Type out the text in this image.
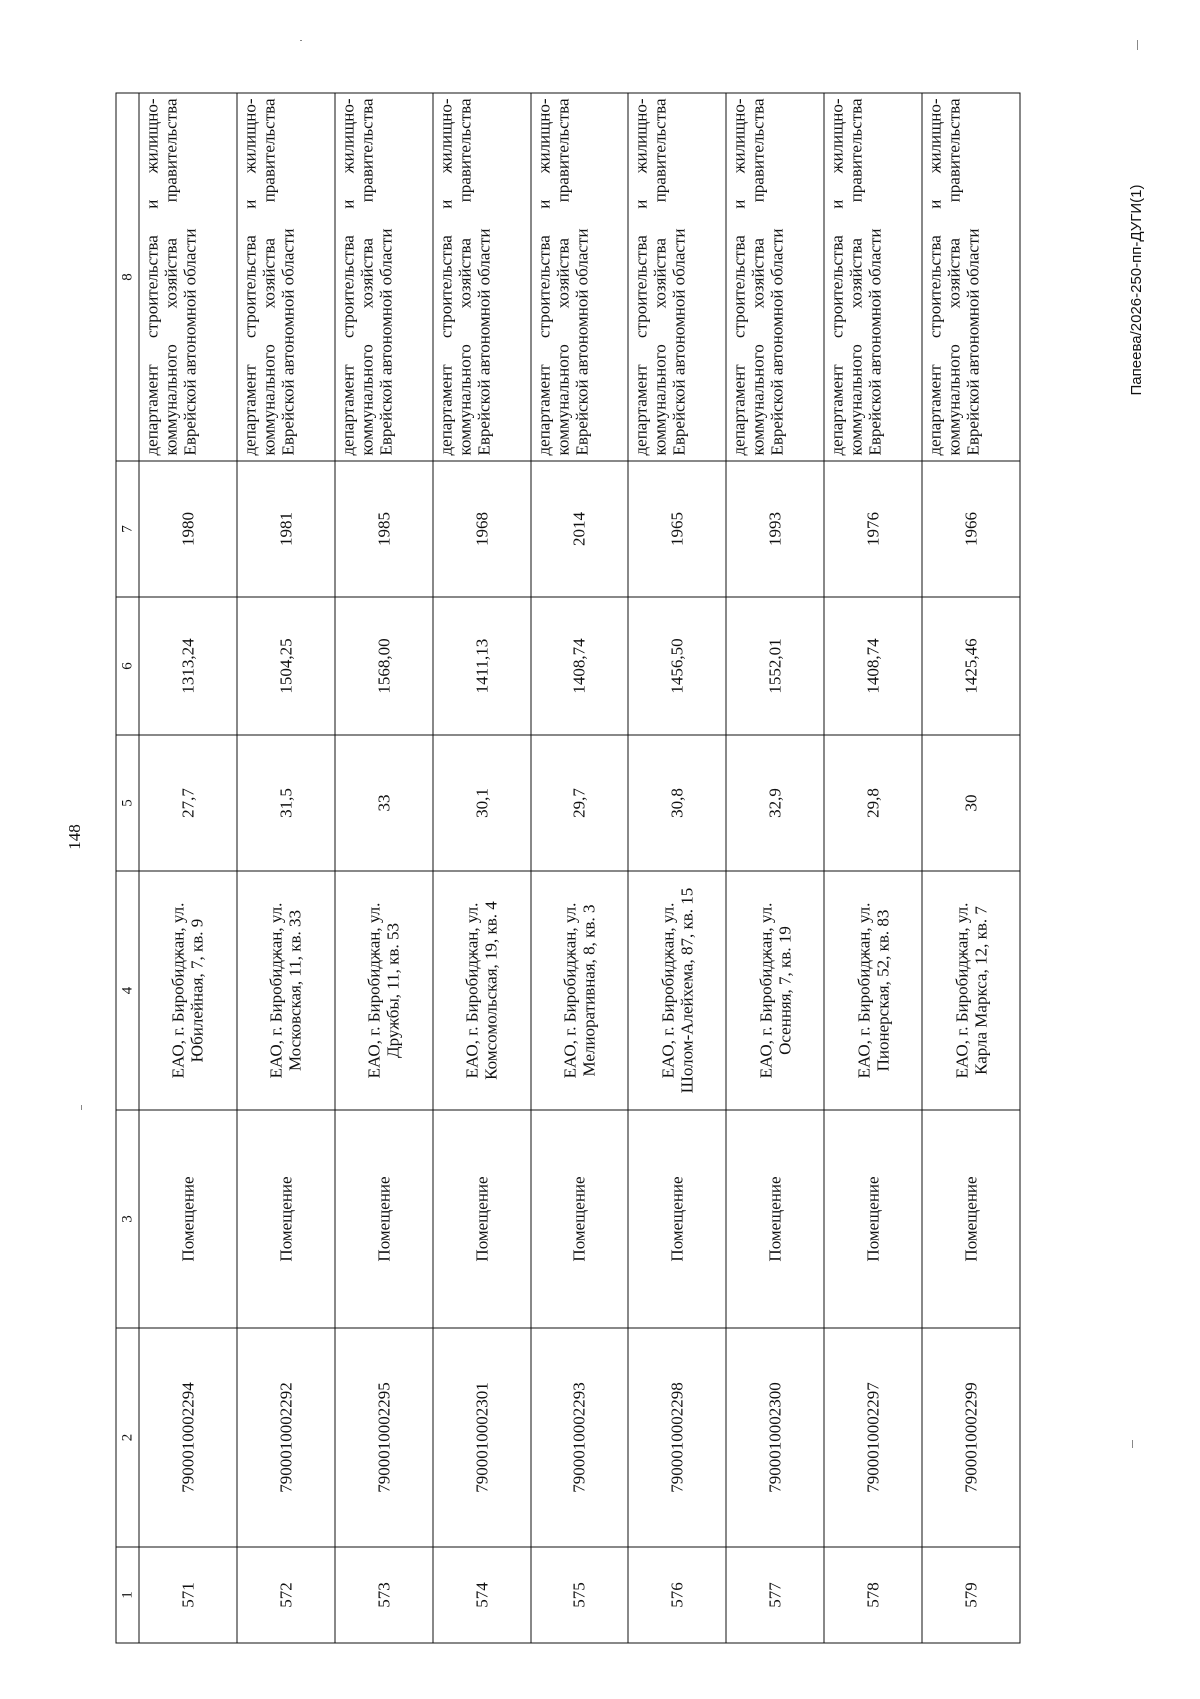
148
Папеева/2026-250-пп-ДУГИ(1)
1	2	3	4	5	6	7	8
571	790001000229​4	Помещение	ЕАО, г. Биробиджан, ул. Юбилейная, 7, кв. 9	27,7	1313,24	1980	департамент строительства и жилищно-коммунального хозяйства правительства Еврейской автономной области
572	7900010002292	Помещение	ЕАО, г. Биробиджан, ул. Московская, 11, кв. 33	31,5	1504,25	1981	департамент строительства и жилищно-коммунального хозяйства правительства Еврейской автономной области
573	7900010002295	Помещение	ЕАО, г. Биробиджан, ул. Дружбы, 11, кв. 53	33	1568,00	1985	департамент строительства и жилищно-коммунального хозяйства правительства Еврейской автономной области
574	7900010002301	Помещение	ЕАО, г. Биробиджан, ул. Комсомольская, 19, кв. 4	30,1	1411,13	1968	департамент строительства и жилищно-коммунального хозяйства правительства Еврейской автономной области
575	7900010002293	Помещение	ЕАО, г. Биробиджан, ул. Мелиоративная, 8, кв. 3	29,7	1408,74	2014	департамент строительства и жилищно-коммунального хозяйства правительства Еврейской автономной области
576	7900010002298	Помещение	ЕАО, г. Биробиджан, ул. Шолом-Алейхема, 87, кв. 15	30,8	1456,50	1965	департамент строительства и жилищно-коммунального хозяйства правительства Еврейской автономной области
577	7900010002300	Помещение	ЕАО, г. Биробиджан, ул. Осенняя, 7, кв. 19	32,9	1552,01	1993	департамент строительства и жилищно-коммунального хозяйства правительства Еврейской автономной области
578	7900010002297	Помещение	ЕАО, г. Биробиджан, ул. Пионерская, 52, кв. 83	29,8	1408,74	1976	департамент строительства и жилищно-коммунального хозяйства правительства Еврейской автономной области
579	7900010002299	Помещение	ЕАО, г. Биробиджан, ул. Карла Маркса, 12, кв. 7	30	1425,46	1966	департамент строительства и жилищно-коммунального хозяйства правительства Еврейской автономной области
